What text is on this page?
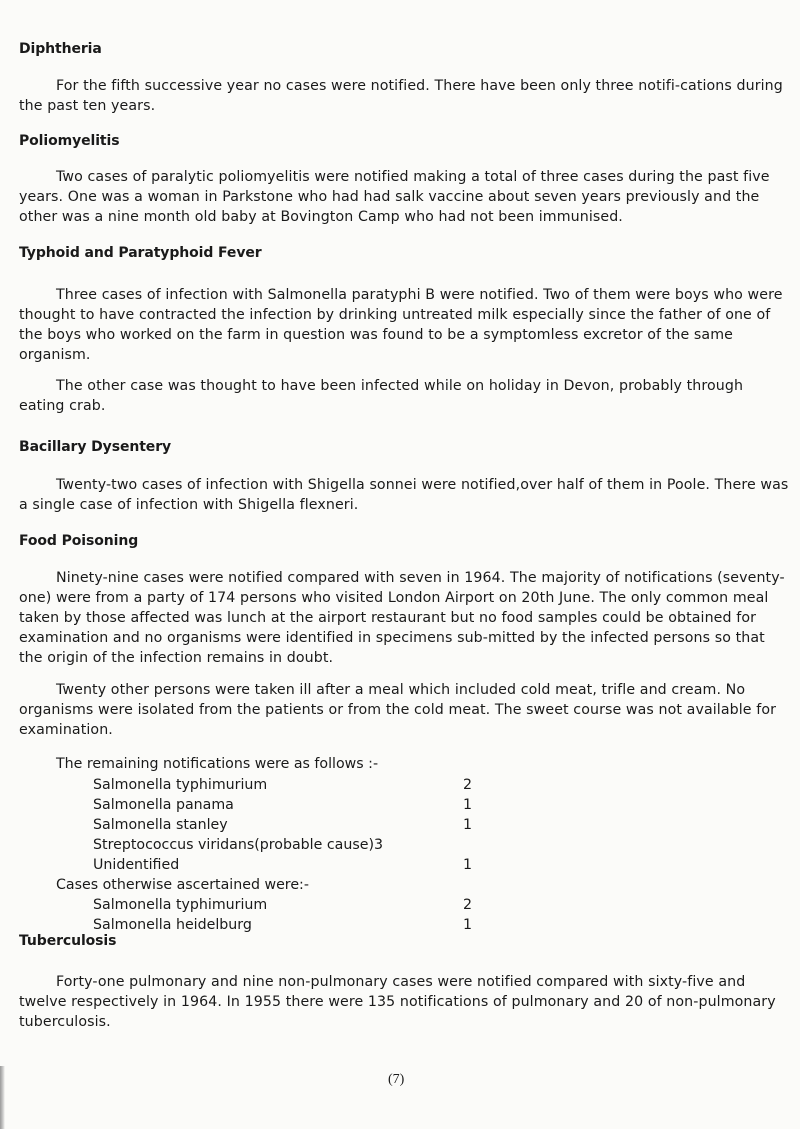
Diphtheria

For the fifth successive year no cases were notified. There have been only three notifi-cations during the past ten years.

Poliomyelitis

Two cases of paralytic poliomyelitis were notified making a total of three cases during the past five years. One was a woman in Parkstone who had had salk vaccine about seven years previously and the other was a nine month old baby at Bovington Camp who had not been immunised.

Typhoid and Paratyphoid Fever

Three cases of infection with Salmonella paratyphi B were notified. Two of them were boys who were thought to have contracted the infection by drinking untreated milk especially since the father of one of the boys who worked on the farm in question was found to be a symptomless excretor of the same organism.

The other case was thought to have been infected while on holiday in Devon, probably through eating crab.

Bacillary Dysentery

Twenty-two cases of infection with Shigella sonnei were notified,over half of them in Poole. There was a single case of infection with Shigella flexneri.

Food Poisoning

Ninety-nine cases were notified compared with seven in 1964. The majority of notifications (seventy-one) were from a party of 174 persons who visited London Airport on 20th June. The only common meal taken by those affected was lunch at the airport restaurant but no food samples could be obtained for examination and no organisms were identified in specimens sub-mitted by the infected persons so that the origin of the infection remains in doubt.

Twenty other persons were taken ill after a meal which included cold meat, trifle and cream. No organisms were isolated from the patients or from the cold meat. The sweet course was not available for examination.

The remaining notifications were as follows :-
Salmonella typhimurium	2
Salmonella panama	1
Salmonella stanley	1
Streptococcus viridans(probable cause)3
Unidentified	1
Cases otherwise ascertained were:-
Salmonella typhimurium	2
Salmonella heidelburg	1
Tuberculosis

Forty-one pulmonary and nine non-pulmonary cases were notified compared with sixty-five and twelve respectively in 1964. In 1955 there were 135 notifications of pulmonary and 20 of non-pulmonary tuberculosis.

(7)
